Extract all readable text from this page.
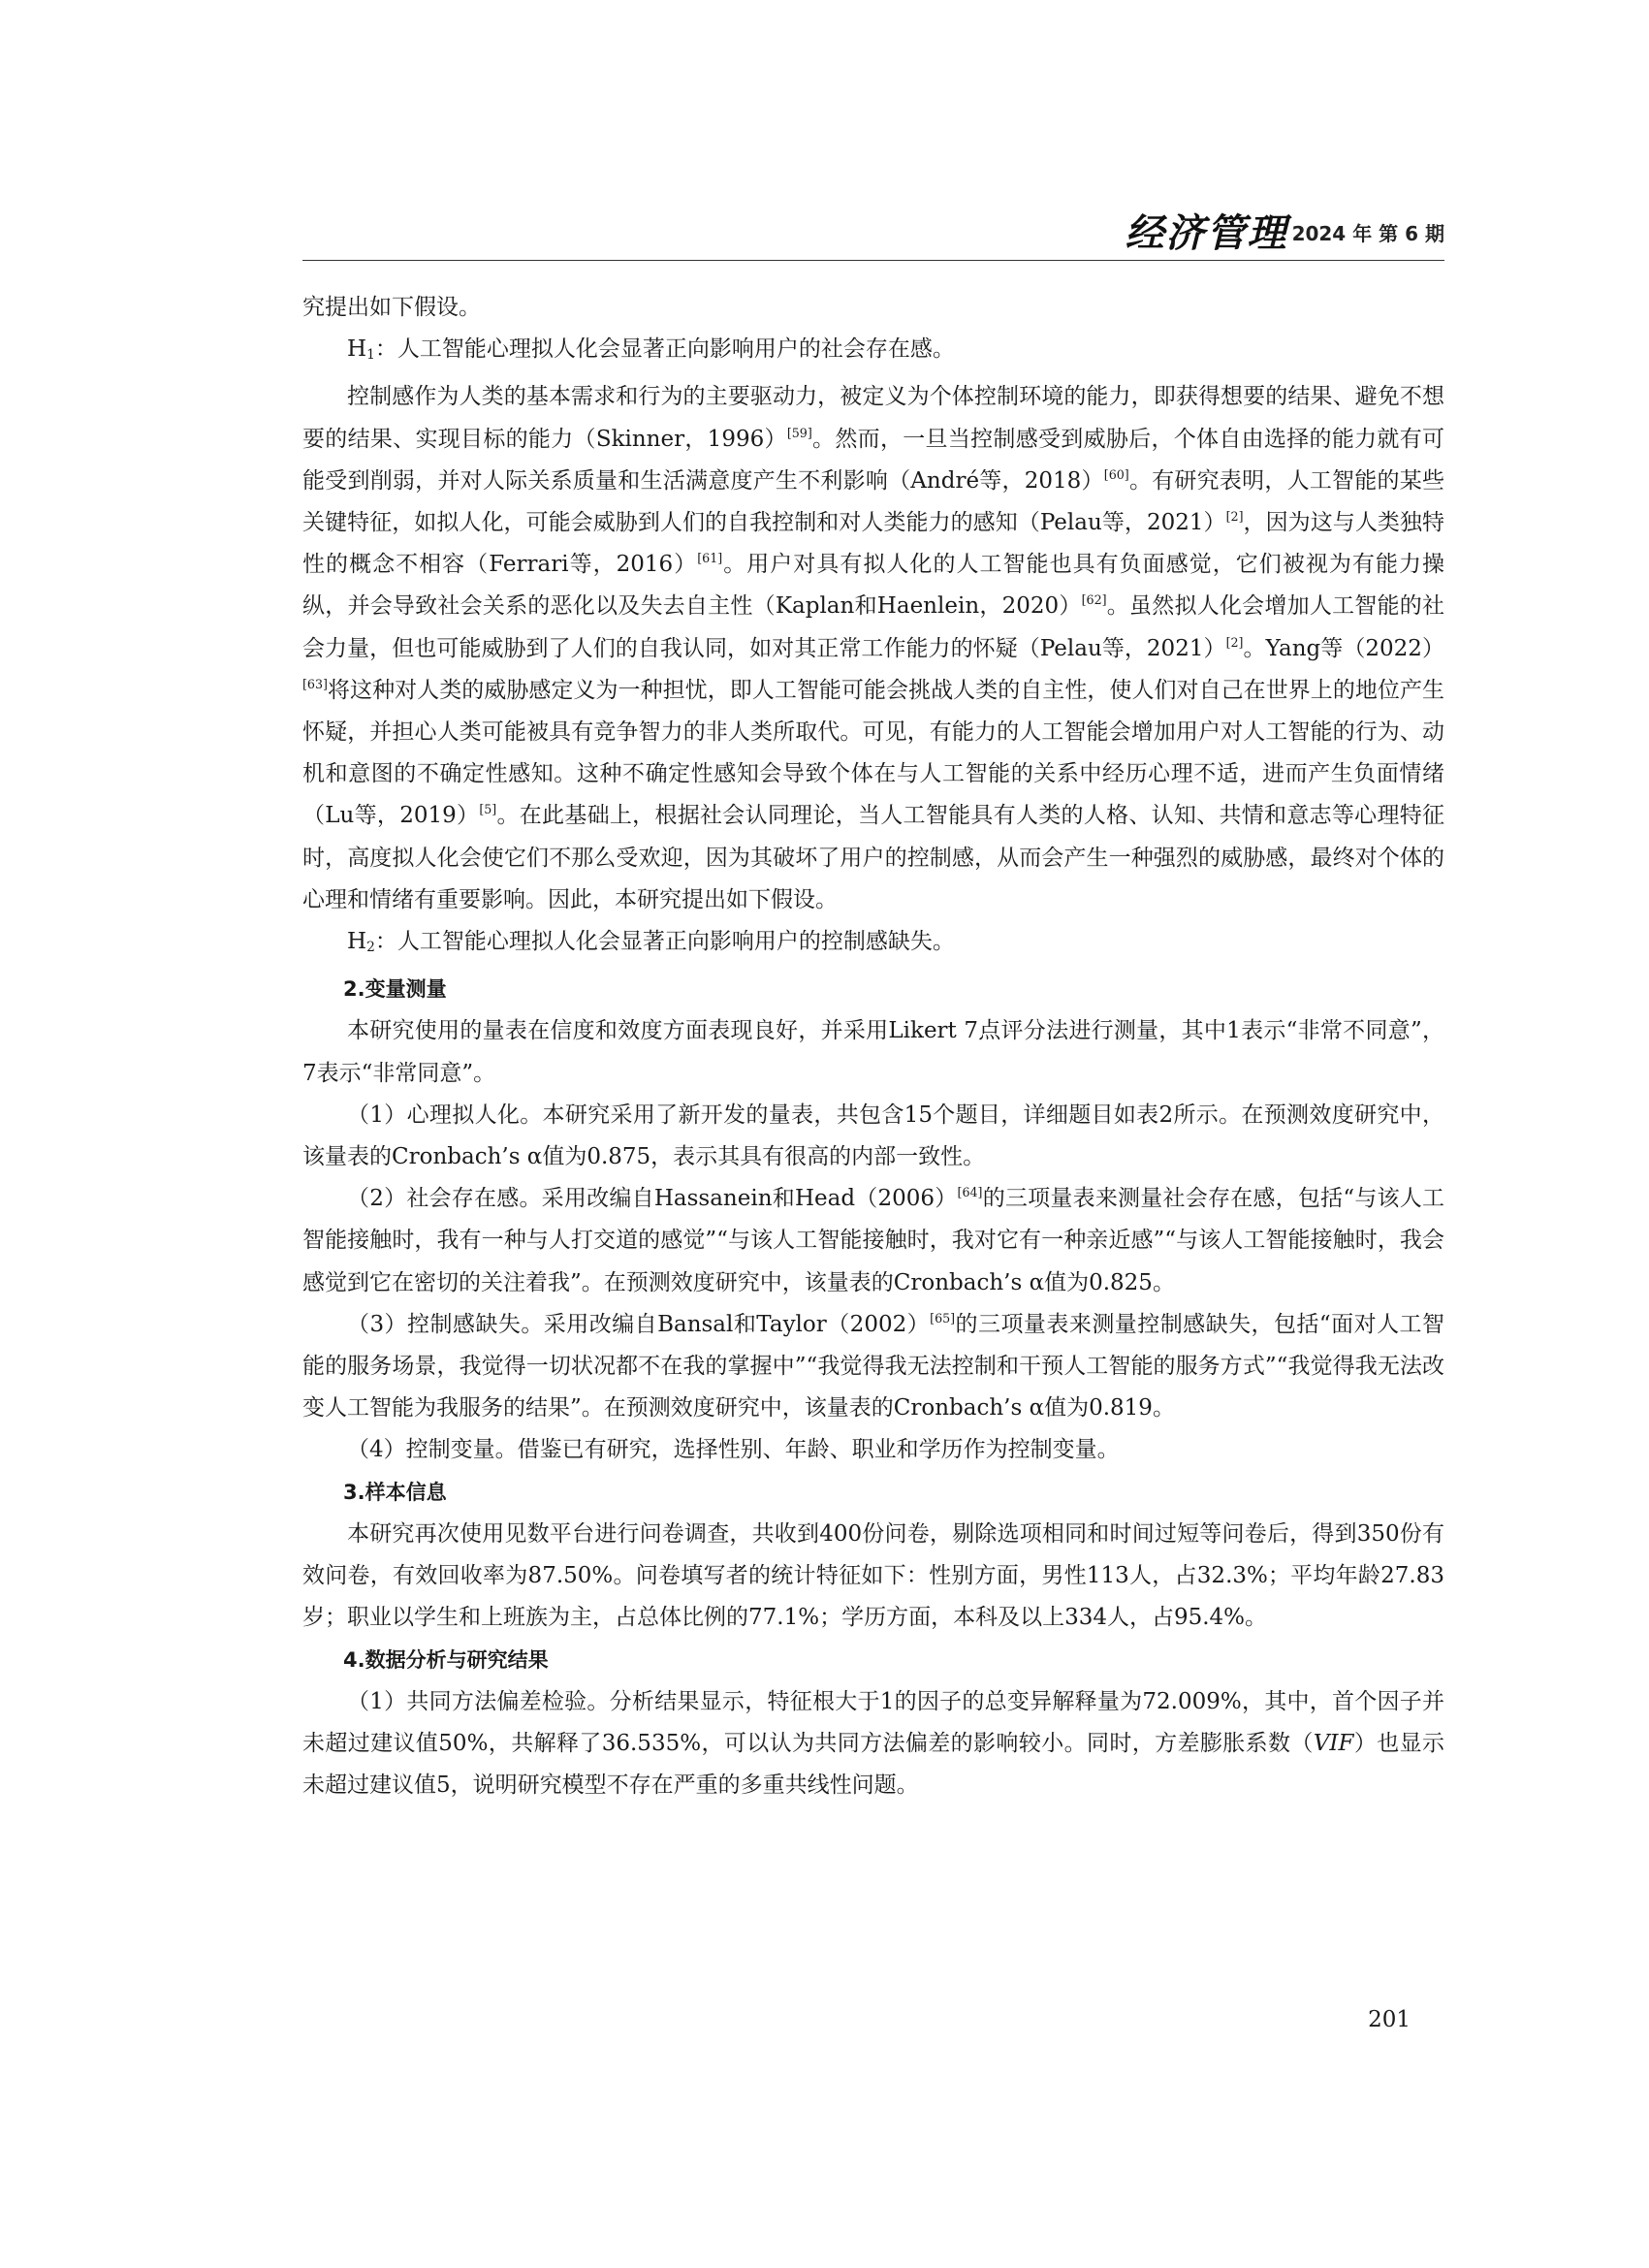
经济管理 2024 年 第 6 期

究提出如下假设。

$H_1$：人工智能心理拟人化会显著正向影响用户的社会存在感。

控制感作为人类的基本需求和行为的主要驱动力，被定义为个体控制环境的能力，即获得想要的结果、避免不想要的结果、实现目标的能力（Skinner，1996）[59]。然而，一旦当控制感受到威胁后，个体自由选择的能力就有可能受到削弱，并对人际关系质量和生活满意度产生不利影响（André等，2018）[60]。有研究表明，人工智能的某些关键特征，如拟人化，可能会威胁到人们的自我控制和对人类能力的感知（Pelau等，2021）[2]，因为这与人类独特性的概念不相容（Ferrari等，2016）[61]。用户对具有拟人化的人工智能也具有负面感觉，它们被视为有能力操纵，并会导致社会关系的恶化以及失去自主性（Kaplan和Haenlein，2020）[62]。虽然拟人化会增加人工智能的社会力量，但也可能威胁到了人们的自我认同，如对其正常工作能力的怀疑（Pelau等，2021）[2]。Yang等（2022）[63]将这种对人类的威胁感定义为一种担忧，即人工智能可能会挑战人类的自主性，使人们对自己在世界上的地位产生怀疑，并担心人类可能被具有竞争智力的非人类所取代。可见，有能力的人工智能会增加用户对人工智能的行为、动机和意图的不确定性感知。这种不确定性感知会导致个体在与人工智能的关系中经历心理不适，进而产生负面情绪（Lu等，2019）[5]。在此基础上，根据社会认同理论，当人工智能具有人类的人格、认知、共情和意志等心理特征时，高度拟人化会使它们不那么受欢迎，因为其破坏了用户的控制感，从而会产生一种强烈的威胁感，最终对个体的心理和情绪有重要影响。因此，本研究提出如下假设。

$H_2$：人工智能心理拟人化会显著正向影响用户的控制感缺失。

2.变量测量

本研究使用的量表在信度和效度方面表现良好，并采用Likert 7点评分法进行测量，其中1表示“非常不同意”，7表示“非常同意”。

（1）心理拟人化。本研究采用了新开发的量表，共包含15个题目，详细题目如表2所示。在预测效度研究中，该量表的Cronbach’s α值为0.875，表示其具有很高的内部一致性。

（2）社会存在感。采用改编自Hassanein和Head（2006）[64]的三项量表来测量社会存在感，包括“与该人工智能接触时，我有一种与人打交道的感觉”“与该人工智能接触时，我对它有一种亲近感”“与该人工智能接触时，我会感觉到它在密切的关注着我”。在预测效度研究中，该量表的Cronbach’s α值为0.825。

（3）控制感缺失。采用改编自Bansal和Taylor（2002）[65]的三项量表来测量控制感缺失，包括“面对人工智能的服务场景，我觉得一切状况都不在我的掌握中”“我觉得我无法控制和干预人工智能的服务方式”“我觉得我无法改变人工智能为我服务的结果”。在预测效度研究中，该量表的Cronbach’s α值为0.819。

（4）控制变量。借鉴已有研究，选择性别、年龄、职业和学历作为控制变量。

3.样本信息

本研究再次使用见数平台进行问卷调查，共收到400份问卷，剔除选项相同和时间过短等问卷后，得到350份有效问卷，有效回收率为87.50%。问卷填写者的统计特征如下：性别方面，男性113人，占32.3%；平均年龄27.83岁；职业以学生和上班族为主，占总体比例的77.1%；学历方面，本科及以上334人，占95.4%。

4.数据分析与研究结果

（1）共同方法偏差检验。分析结果显示，特征根大于1的因子的总变异解释量为72.009%，其中，首个因子并未超过建议值50%，共解释了36.535%，可以认为共同方法偏差的影响较小。同时，方差膨胀系数（VIF）也显示未超过建议值5，说明研究模型不存在严重的多重共线性问题。

201
